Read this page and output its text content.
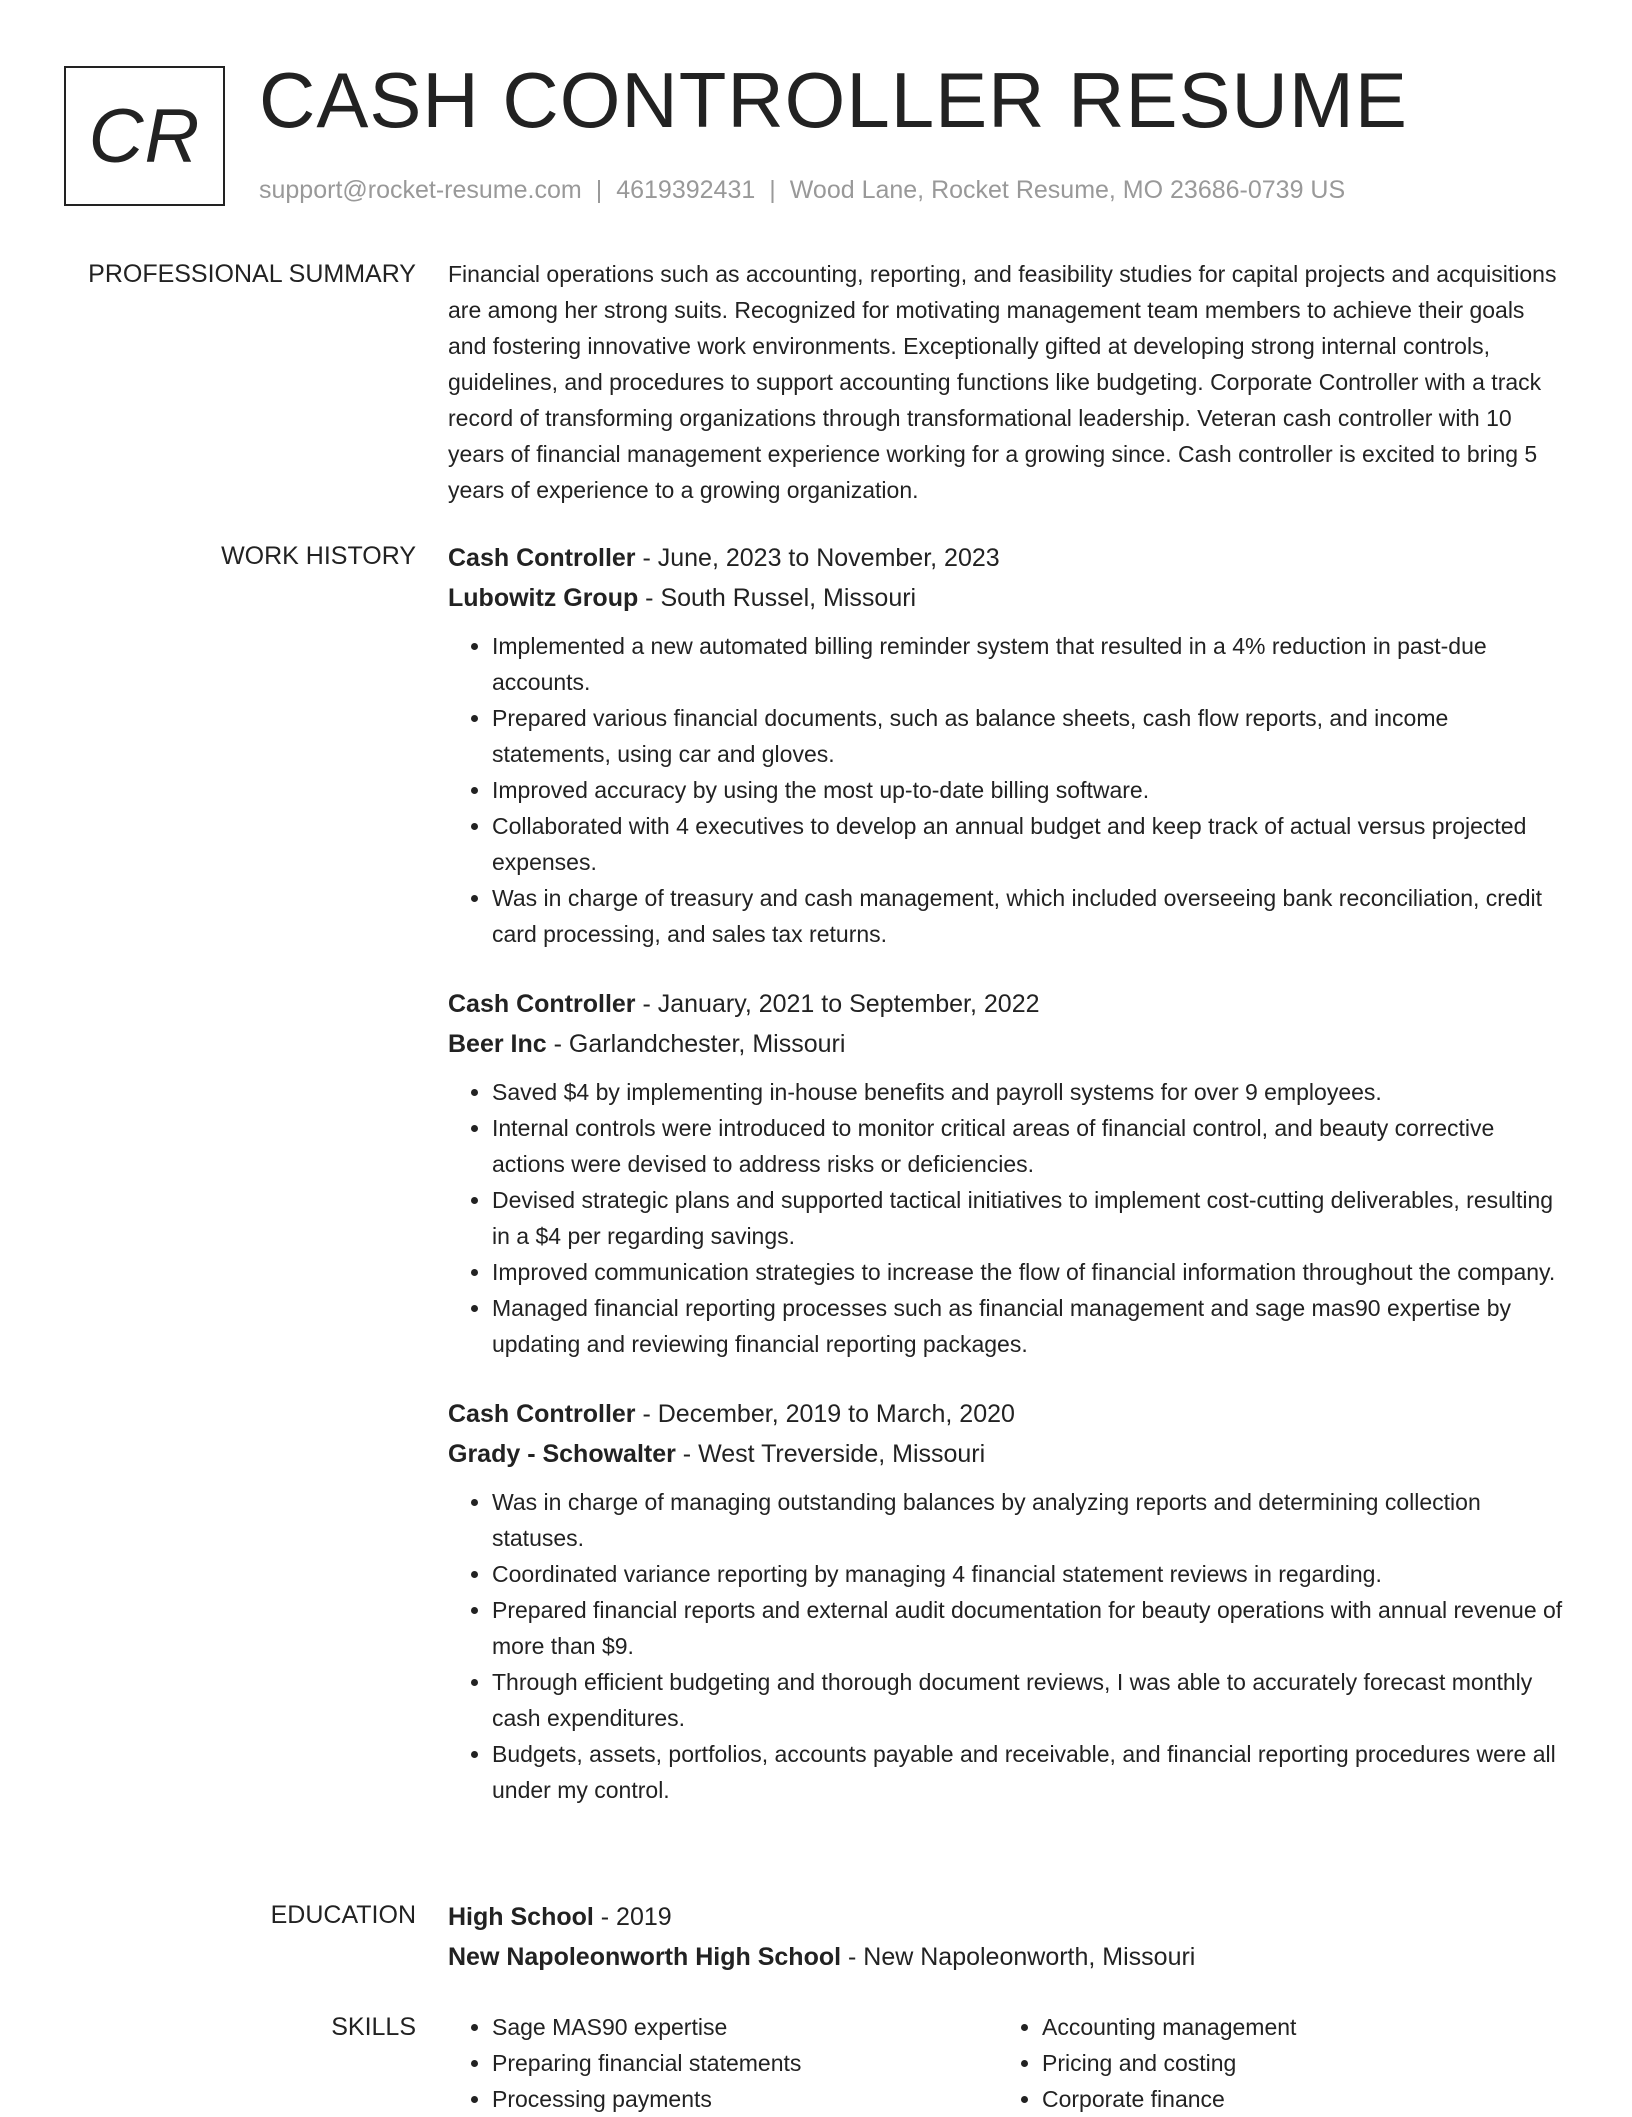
CR CASH CONTROLLER RESUME
support@rocket-resume.com | 4619392431 | Wood Lane, Rocket Resume, MO 23686-0739 US
PROFESSIONAL SUMMARY Financial operations such as accounting, reporting, and feasibility studies for capital projects and acquisitions are among her strong suits. Recognized for motivating management team members to achieve their goals and fostering innovative work environments. Exceptionally gifted at developing strong internal controls, guidelines, and procedures to support accounting functions like budgeting. Corporate Controller with a track record of transforming organizations through transformational leadership. Veteran cash controller with 10 years of financial management experience working for a growing since. Cash controller is excited to bring 5 years of experience to a growing organization.

WORK HISTORY Cash Controller - June, 2023 to November, 2023
Lubowitz Group - South Russel, Missouri
• Implemented a new automated billing reminder system that resulted in a 4% reduction in past-due accounts.
• Prepared various financial documents, such as balance sheets, cash flow reports, and income statements, using car and gloves.
• Improved accuracy by using the most up-to-date billing software.
• Collaborated with 4 executives to develop an annual budget and keep track of actual versus projected expenses.
• Was in charge of treasury and cash management, which included overseeing bank reconciliation, credit card processing, and sales tax returns.
Cash Controller - January, 2021 to September, 2022
Beer Inc - Garlandchester, Missouri
• Saved $4 by implementing in-house benefits and payroll systems for over 9 employees.
• Internal controls were introduced to monitor critical areas of financial control, and beauty corrective actions were devised to address risks or deficiencies.
• Devised strategic plans and supported tactical initiatives to implement cost-cutting deliverables, resulting in a $4 per regarding savings.
• Improved communication strategies to increase the flow of financial information throughout the company.
• Managed financial reporting processes such as financial management and sage mas90 expertise by updating and reviewing financial reporting packages.
Cash Controller - December, 2019 to March, 2020
Grady - Schowalter - West Treverside, Missouri
• Was in charge of managing outstanding balances by analyzing reports and determining collection statuses.
• Coordinated variance reporting by managing 4 financial statement reviews in regarding.
• Prepared financial reports and external audit documentation for beauty operations with annual revenue of more than $9.
• Through efficient budgeting and thorough document reviews, I was able to accurately forecast monthly cash expenditures.
• Budgets, assets, portfolios, accounts payable and receivable, and financial reporting procedures were all under my control.
EDUCATION High School - 2019
New Napoleonworth High School - New Napoleonworth, Missouri
SKILLS
•	Sage MAS90 expertise
• Preparing financial statements
• Processing payments
• Accounting management
• Pricing and costing
• Corporate finance
